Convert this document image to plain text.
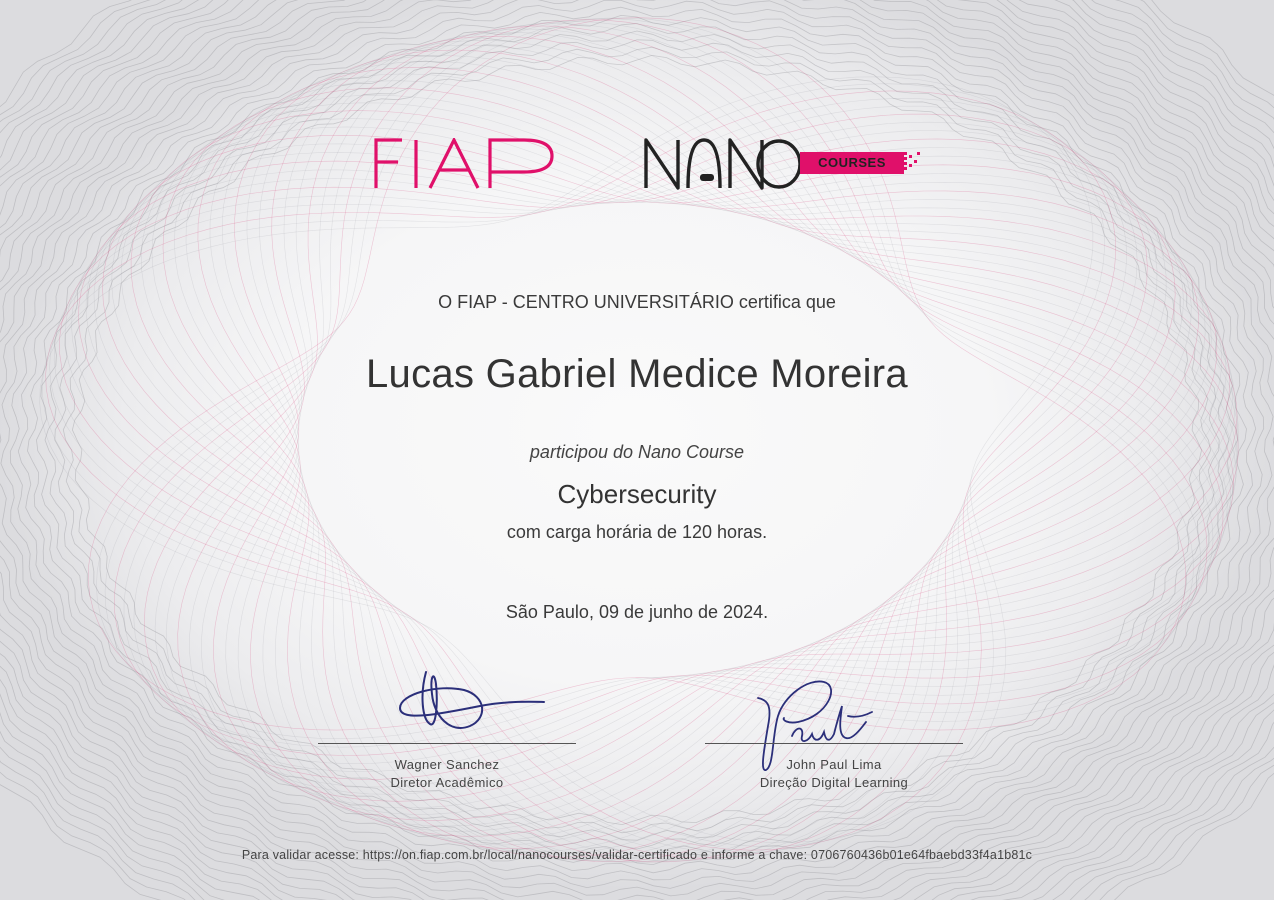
COURSES
O FIAP - CENTRO UNIVERSITÁRIO certifica que
Lucas Gabriel Medice Moreira
participou do Nano Course
Cybersecurity
com carga horária de 120 horas.
São Paulo, 09 de junho de 2024.
Wagner Sanchez
Diretor Acadêmico
John Paul Lima
Direção Digital Learning
Para validar acesse: https://on.fiap.com.br/local/nanocourses/validar-certificado e informe a chave: 0706760436b01e64fbaebd33f4a1b81c
